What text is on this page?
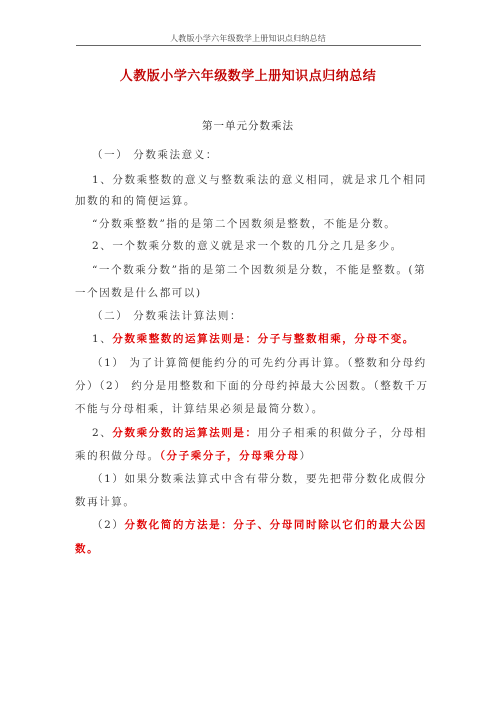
人教版小学六年级数学上册知识点归纳总结
人教版小学六年级数学上册知识点归纳总结
第一单元分数乘法
（一） 分数乘法意义：
1、分数乘整数的意义与整数乘法的意义相同，就是求几个相同
加数的和的简便运算。
“分数乘整数”指的是第二个因数须是整数，不能是分数。
2、一个数乘分数的意义就是求一个数的几分之几是多少。
“一个数乘分数”指的是第二个因数须是分数，不能是整数。(第
一个因数是什么都可以)
（二） 分数乘法计算法则：
1、分数乘整数的运算法则是：分子与整数相乘，分母不变。
（1） 为了计算简便能约分的可先约分再计算。（整数和分母约
分）（2） 约分是用整数和下面的分母约掉最大公因数。（整数千万
不能与分母相乘，计算结果必须是最简分数）。
2、分数乘分数的运算法则是：用分子相乘的积做分子，分母相
乘的积做分母。（分子乘分子，分母乘分母）
（1）如果分数乘法算式中含有带分数，要先把带分数化成假分
数再计算。
（2）分数化简的方法是：分子、分母同时除以它们的最大公因
数。
